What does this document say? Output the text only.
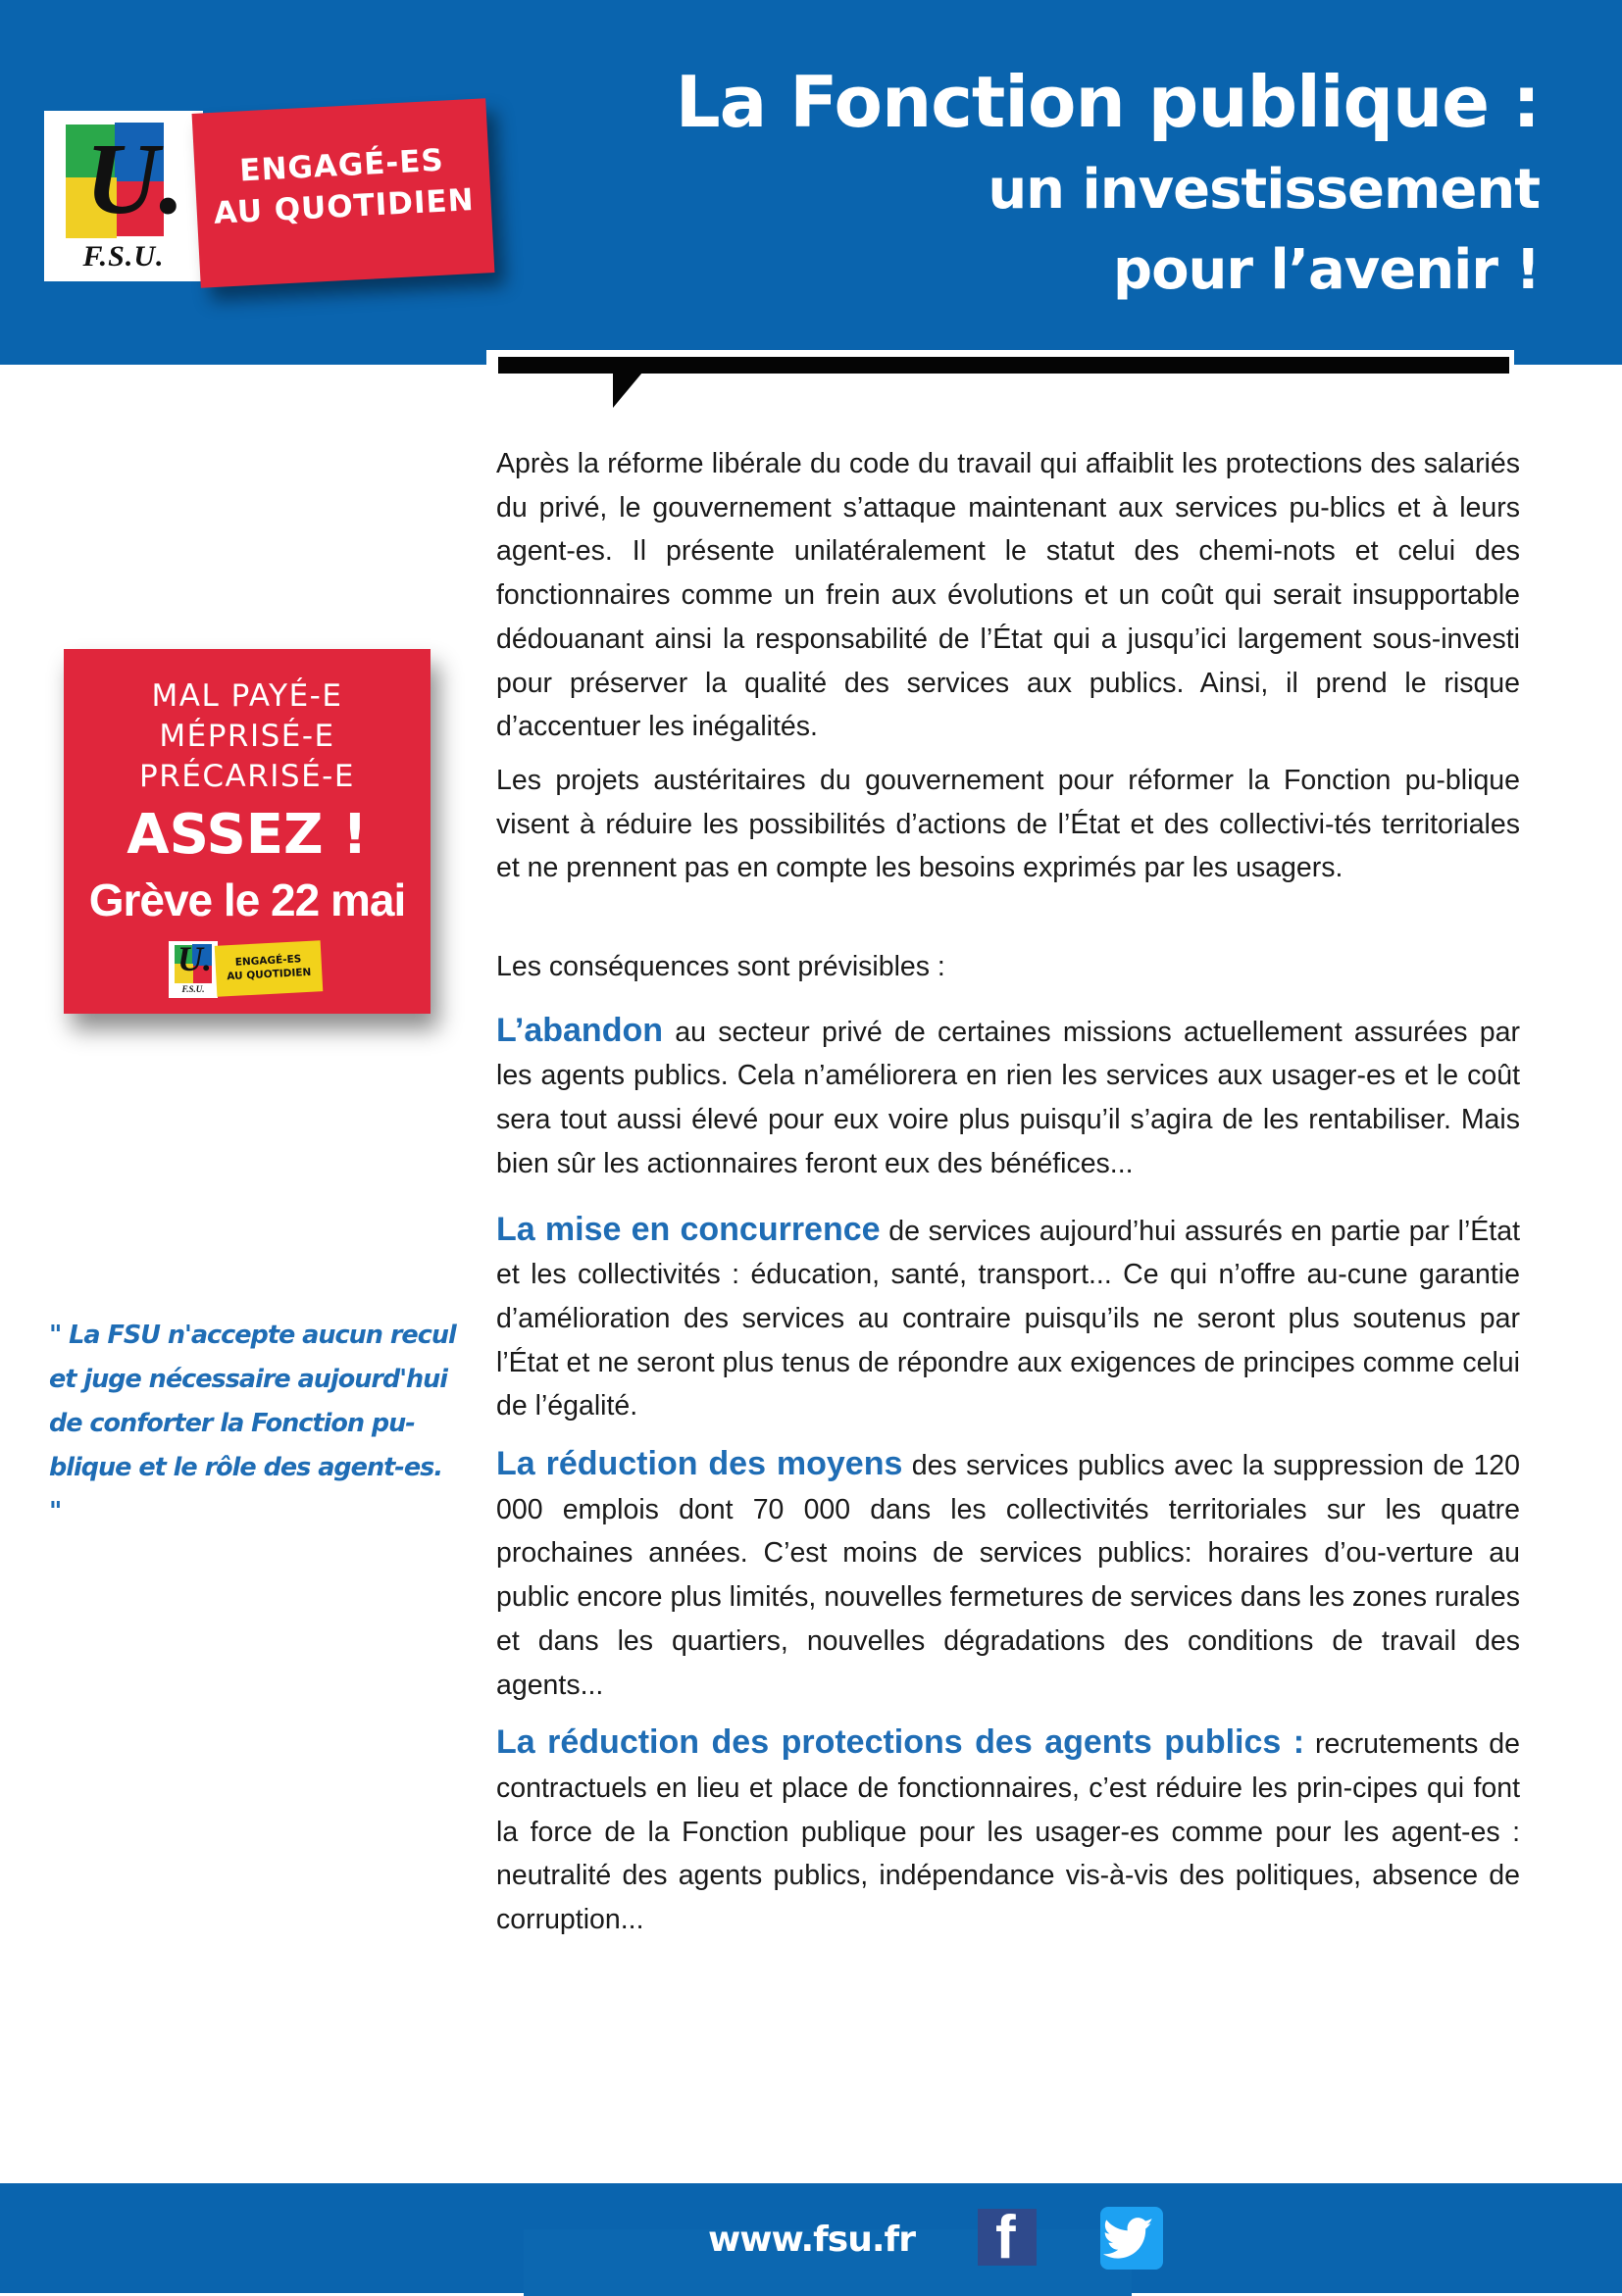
U.
F.S.U.
ENGAGÉ-ES
AU QUOTIDIEN
La Fonction publique :
un investissement
pour l’avenir !
MAL PAYÉ-E
MÉPRISÉ-E
PRÉCARISÉ-E
ASSEZ !
Grève le 22 mai
U.
F.S.U.
ENGAGÉ-ES
AU QUOTIDIEN
" La FSU n'accepte aucun recul et juge nécessaire aujourd'hui de conforter la Fonction pu-blique et le rôle des agent-es. "

Après la réforme libérale du code du travail qui affaiblit les protections des salariés du privé, le gouvernement s’attaque maintenant aux services pu-blics et à leurs agent-es. Il présente unilatéralement le statut des chemi-nots et celui des fonctionnaires comme un frein aux évolutions et un coût qui serait insupportable dédouanant ainsi la responsabilité de l’État qui a jusqu’ici largement sous-investi pour préserver la qualité des services aux publics. Ainsi, il prend le risque d’accentuer les inégalités.

Les projets austéritaires du gouvernement pour réformer la Fonction pu-blique visent à réduire les possibilités d’actions de l’État et des collectivi-tés territoriales et ne prennent pas en compte les besoins exprimés par les usagers.

Les conséquences sont prévisibles :

L’abandon au secteur privé de certaines missions actuellement assurées par les agents publics. Cela n’améliorera en rien les services aux usager-es et le coût sera tout aussi élevé pour eux voire plus puisqu’il s’agira de les rentabiliser. Mais bien sûr les actionnaires feront eux des bénéfices...

La mise en concurrence de services aujourd’hui assurés en partie par l’État et les collectivités : éducation, santé, transport... Ce qui n’offre au-cune garantie d’amélioration des services au contraire puisqu’ils ne seront plus soutenus par l’État et ne seront plus tenus de répondre aux exigences de principes comme celui de l’égalité.

La réduction des moyens des services publics avec la suppression de 120 000 emplois dont 70 000 dans les collectivités territoriales sur les quatre prochaines années. C’est moins de services publics: horaires d’ou-verture au public encore plus limités, nouvelles fermetures de services dans les zones rurales et dans les quartiers, nouvelles dégradations des conditions de travail des agents...

La réduction des protections des agents publics : recrutements de contractuels en lieu et place de fonctionnaires, c’est réduire les prin-cipes qui font la force de la Fonction publique pour les usager-es comme pour les agent-es : neutralité des agents publics, indépendance vis-à-vis des politiques, absence de corruption...

www.fsu.fr f
